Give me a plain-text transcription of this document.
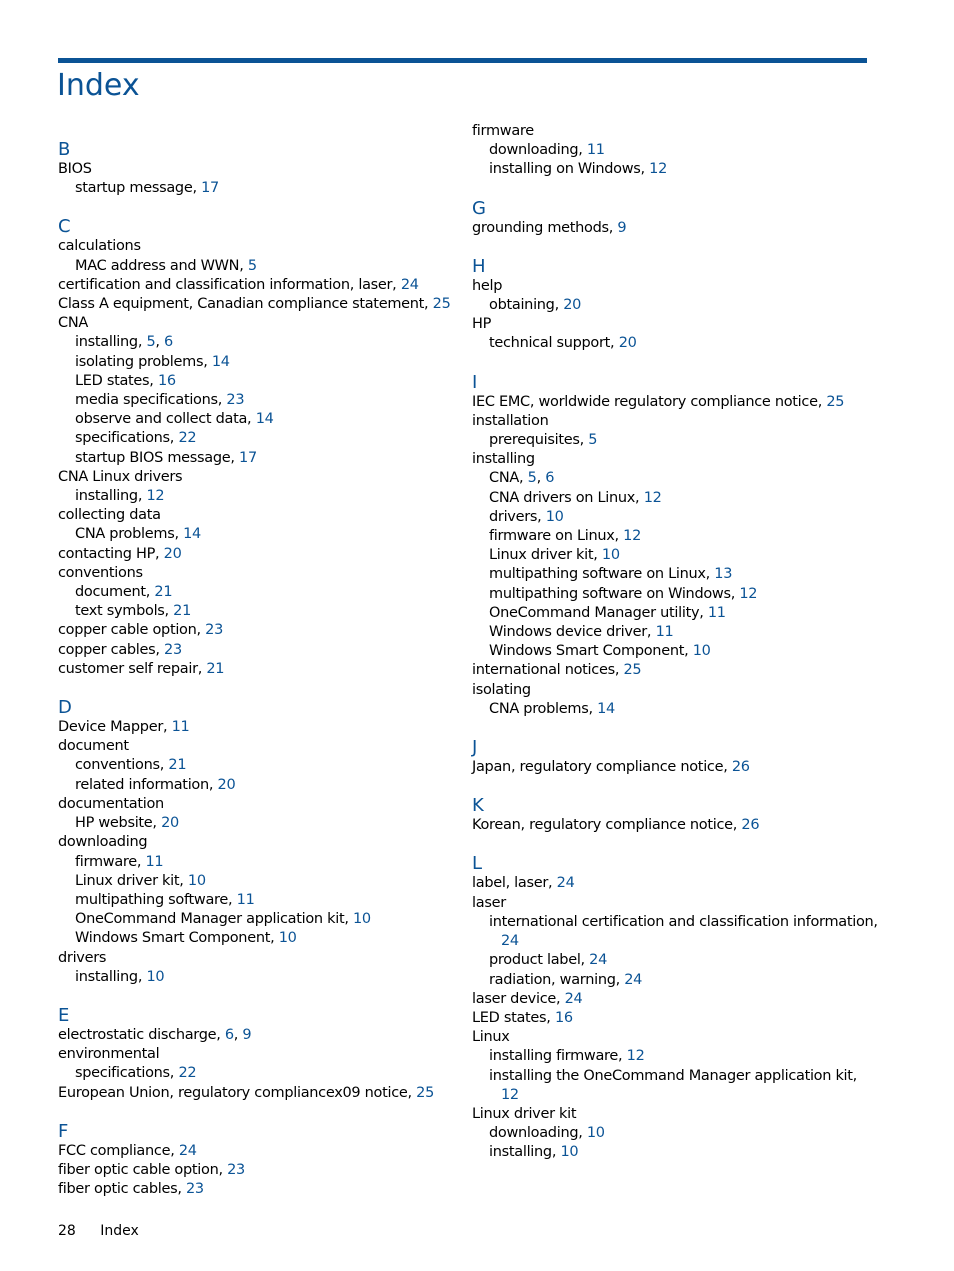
Index
B
BIOS
startup message, 17
C
calculations
MAC address and WWN, 5
certification and classification information, laser, 24
Class A equipment, Canadian compliance statement, 25
CNA
installing, 5, 6
isolating problems, 14
LED states, 16
media specifications, 23
observe and collect data, 14
specifications, 22
startup BIOS message, 17
CNA Linux drivers
installing, 12
collecting data
CNA problems, 14
contacting HP, 20
conventions
document, 21
text symbols, 21
copper cable option, 23
copper cables, 23
customer self repair, 21
D
Device Mapper, 11
document
conventions, 21
related information, 20
documentation
HP website, 20
downloading
firmware, 11
Linux driver kit, 10
multipathing software, 11
OneCommand Manager application kit, 10
Windows Smart Component, 10
drivers
installing, 10
E
electrostatic discharge, 6, 9
environmental
specifications, 22
European Union, regulatory compliancex09 notice, 25
F
FCC compliance, 24
fiber optic cable option, 23
fiber optic cables, 23
firmware
downloading, 11
installing on Windows, 12
G
grounding methods, 9
H
help
obtaining, 20
HP
technical support, 20
I
IEC EMC, worldwide regulatory compliance notice, 25
installation
prerequisites, 5
installing
CNA, 5, 6
CNA drivers on Linux, 12
drivers, 10
firmware on Linux, 12
Linux driver kit, 10
multipathing software on Linux, 13
multipathing software on Windows, 12
OneCommand Manager utility, 11
Windows device driver, 11
Windows Smart Component, 10
international notices, 25
isolating
CNA problems, 14
J
Japan, regulatory compliance notice, 26
K
Korean, regulatory compliance notice, 26
L
label, laser, 24
laser
international certification and classification information,
24
product label, 24
radiation, warning, 24
laser device, 24
LED states, 16
Linux
installing firmware, 12
installing the OneCommand Manager application kit,
12
Linux driver kit
downloading, 10
installing, 10
28 Index
